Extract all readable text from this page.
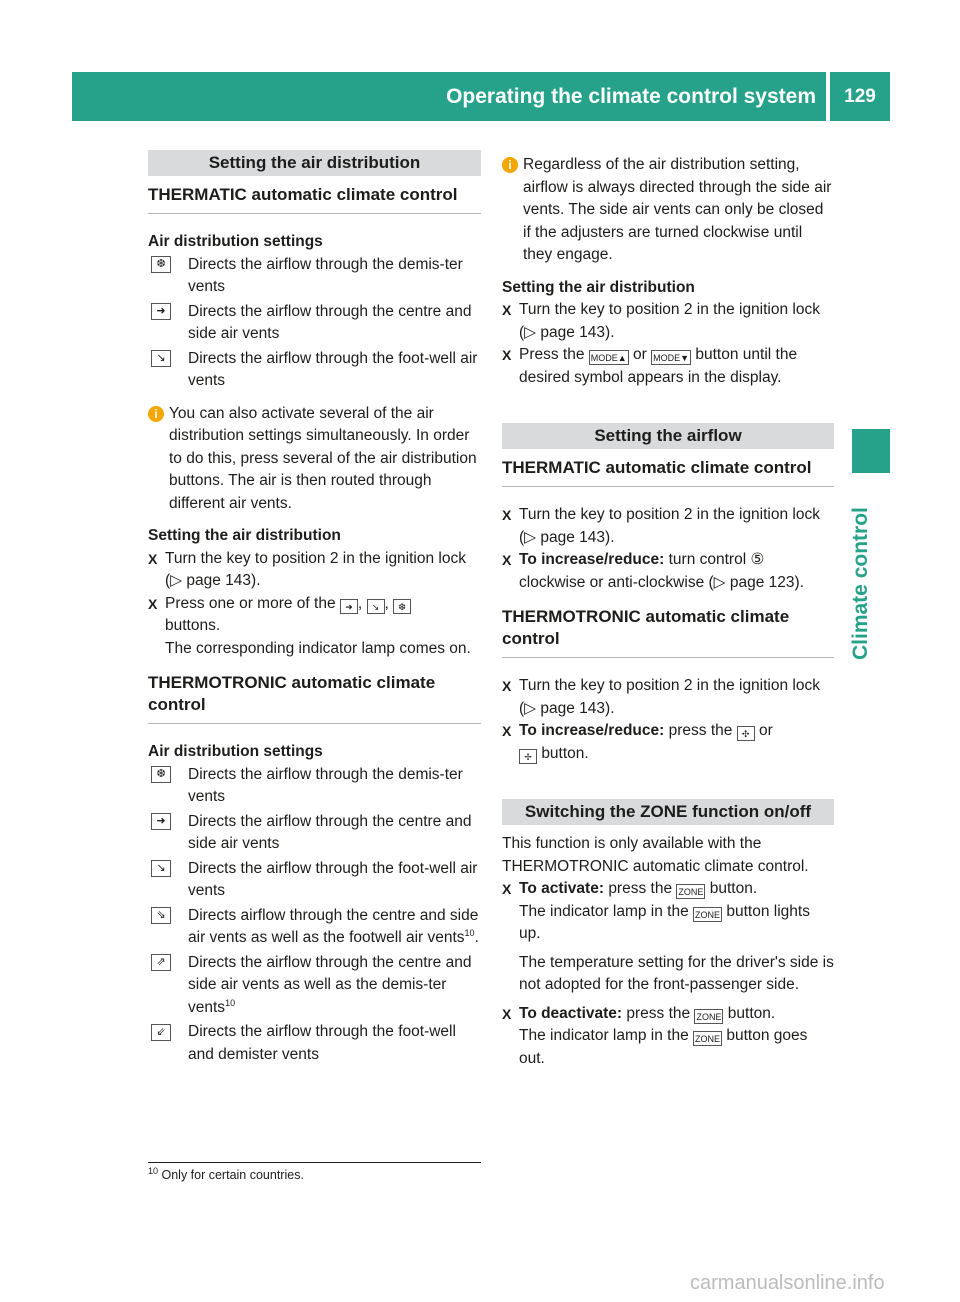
Operating the climate control system	129
Climate control
Setting the air distribution
THERMATIC automatic climate control
Air distribution settings
❆	Directs the airflow through the demis-ter vents
➜	Directs the airflow through the centre and side air vents
↘	Directs the airflow through the foot-well air vents
i You can also activate several of the air distribution settings simultaneously. In order to do this, press several of the air distribution buttons. The air is then routed through different air vents.
Setting the air distribution
X Turn the key to position 2 in the ignition lock (▷ page 143).
X Press one or more of the ➜ , ↘ , ❆
buttons.
The corresponding indicator lamp comes on.
THERMOTRONIC automatic climate control
Air distribution settings
❆	Directs the airflow through the demis-ter vents
➜	Directs the airflow through the centre and side air vents
↘	Directs the airflow through the foot-well air vents
⇘	Directs airflow through the centre and side air vents as well as the footwell air vents$^{10}$.
⇗	Directs the airflow through the centre and side air vents as well as the demis-ter vents$^{10}$
⇙	Directs the airflow through the foot-well and demister vents
i Regardless of the air distribution setting, airflow is always directed through the side air vents. The side air vents can only be closed if the adjusters are turned clockwise until they engage.
Setting the air distribution
X Turn the key to position 2 in the ignition lock (▷ page 143).
X Press the MODE▲ or MODE▼ button until the desired symbol appears in the display.
Setting the airflow
THERMATIC automatic climate control
X Turn the key to position 2 in the ignition lock (▷ page 143).
X To increase/reduce: turn control ⑤ clockwise or anti-clockwise (▷ page 123).
THERMOTRONIC automatic climate control
X Turn the key to position 2 in the ignition lock (▷ page 143).
X To increase/reduce: press the ✣ or
✢ button.
Switching the ZONE function on/off

This function is only available with the THERMOTRONIC automatic climate control.

X To activate: press the ZONE button.
The indicator lamp in the ZONE button lights up.
The temperature setting for the driver's side is not adopted for the front-passenger side.
X To deactivate: press the ZONE button.
The indicator lamp in the ZONE button goes out.
$^{10}$ Only for certain countries.
carmanualsonline.info
